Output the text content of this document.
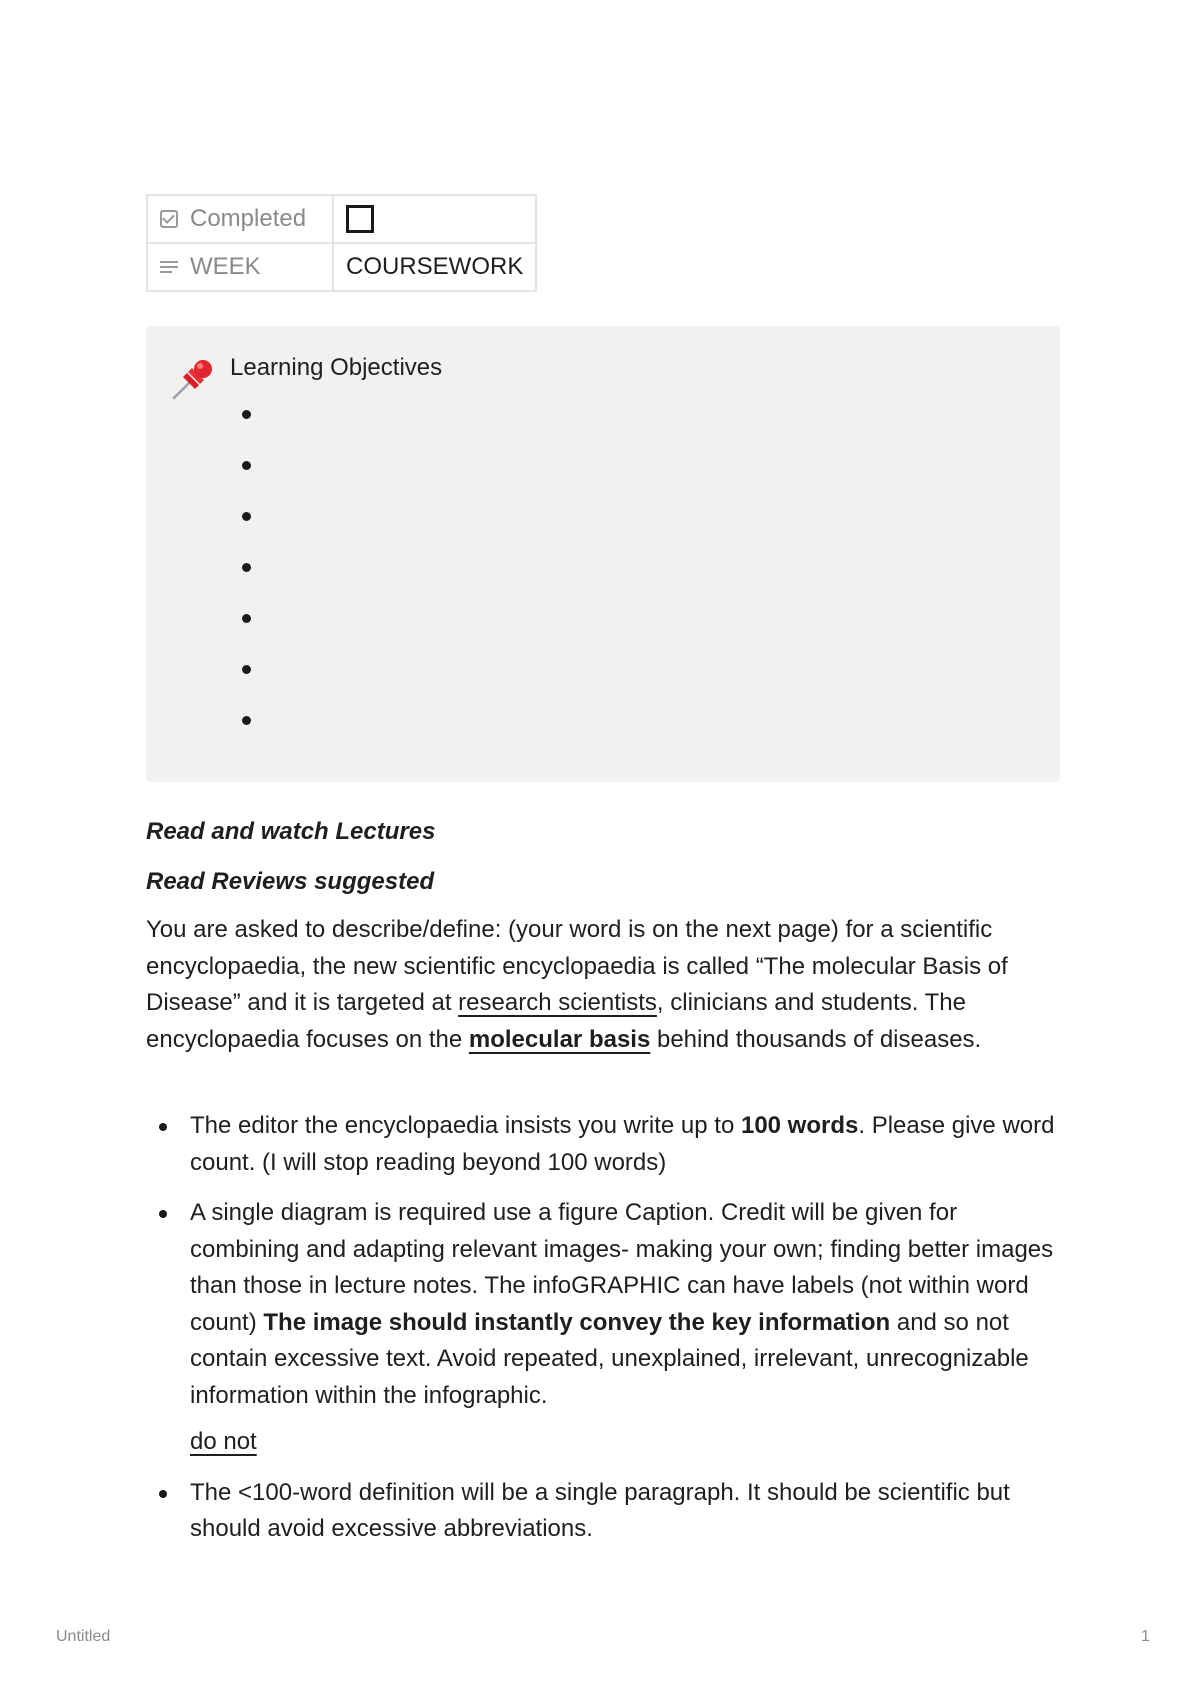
Completed	

WEEK	COURSEWORK
Learning Objectives
Read and watch Lectures
Read Reviews suggested
You are asked to describe/define: (your word is on the next page) for a scientific encyclopaedia, the new scientific encyclopaedia is called “The molecular Basis of Disease” and it is targeted at research scientists, clinicians and students. The encyclopaedia focuses on the molecular basis behind thousands of diseases.
The editor the encyclopaedia insists you write up to 100 words. Please give word count. (I will stop reading beyond 100 words)
A single diagram is required use a figure Caption. Credit will be given for combining and adapting relevant images- making your own; finding better images than those in lecture notes. The infoGRAPHIC can have labels (not within word count) The image should instantly convey the key information and so not contain excessive text. Avoid repeated, unexplained, irrelevant, unrecognizable information within the infographic.
do not
The <100-word definition will be a single paragraph. It should be scientific but should avoid excessive abbreviations.
Untitled	1
